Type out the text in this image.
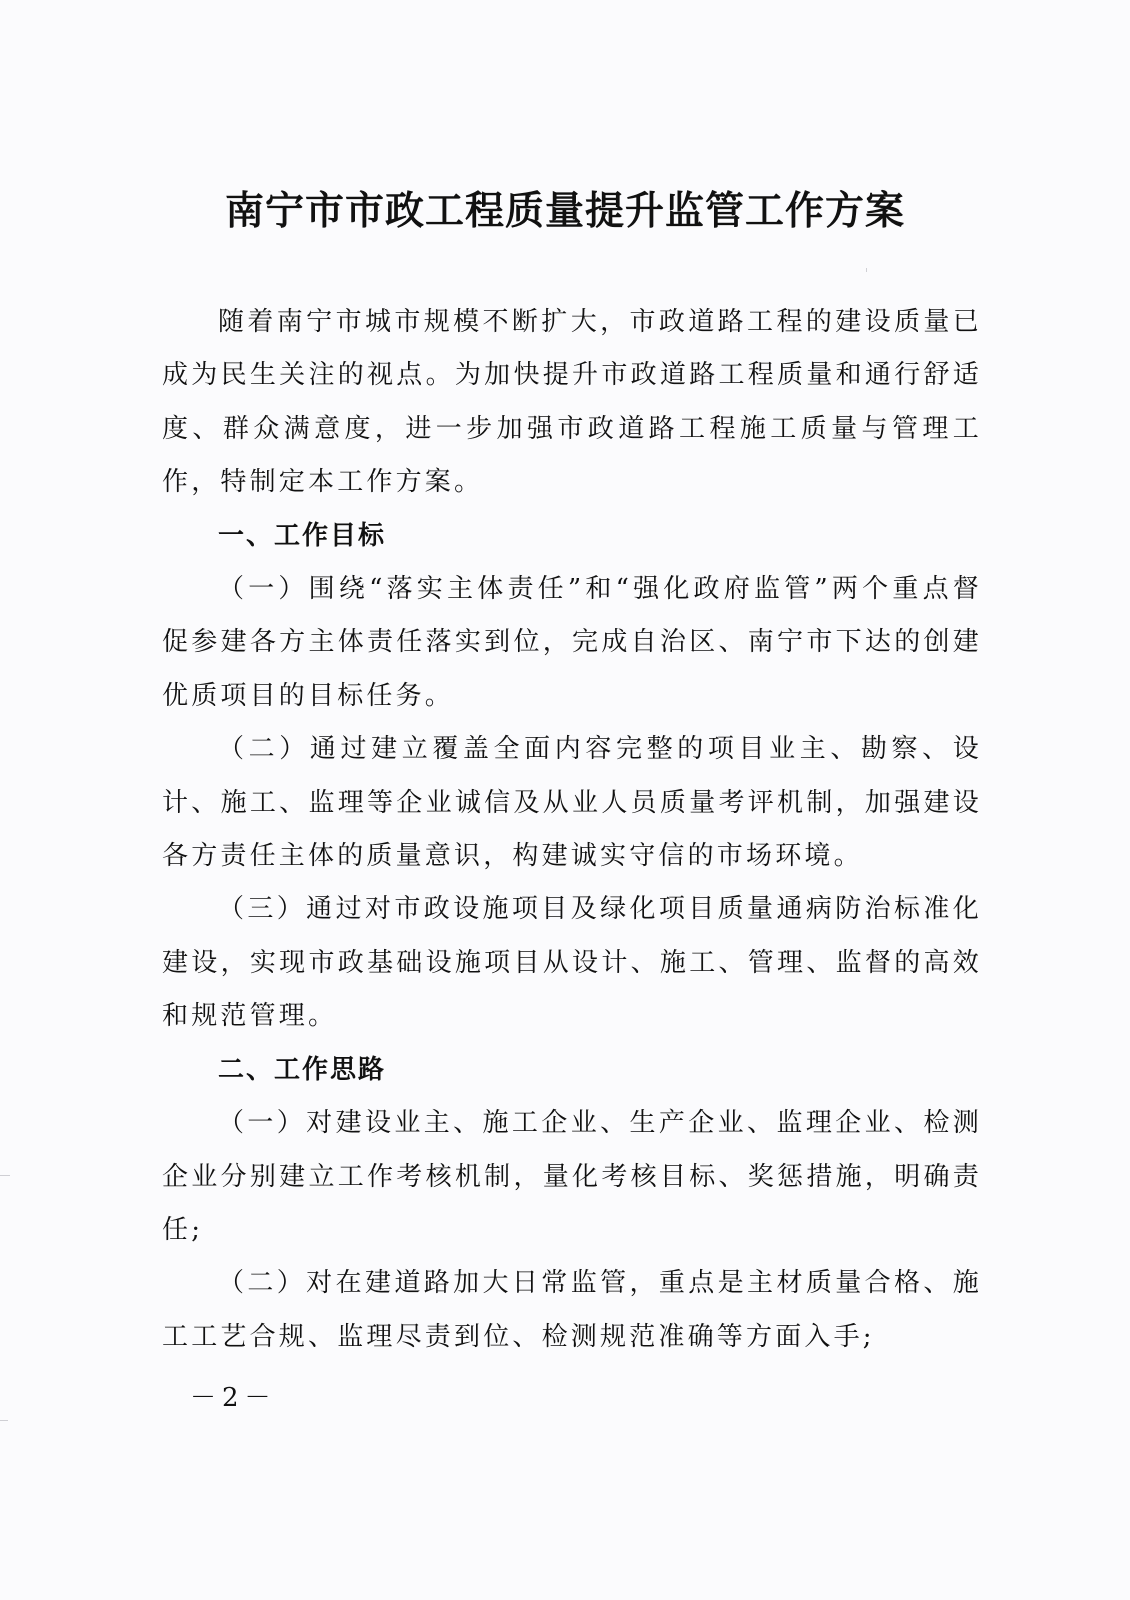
南宁市市政工程质量提升监管工作方案

随着南宁市城市规模不断扩大，市政道路工程的建设质量已成为民生关注的视点。为加快提升市政道路工程质量和通行舒适度、群众满意度，进一步加强市政道路工程施工质量与管理工作，特制定本工作方案。

一、工作目标

（一）围绕“落实主体责任”和“强化政府监管”两个重点督促参建各方主体责任落实到位，完成自治区、南宁市下达的创建优质项目的目标任务。

（二）通过建立覆盖全面内容完整的项目业主、勘察、设计、施工、监理等企业诚信及从业人员质量考评机制，加强建设各方责任主体的质量意识，构建诚实守信的市场环境。

（三）通过对市政设施项目及绿化项目质量通病防治标准化建设，实现市政基础设施项目从设计、施工、管理、监督的高效和规范管理。

二、工作思路

（一）对建设业主、施工企业、生产企业、监理企业、检测企业分别建立工作考核机制，量化考核目标、奖惩措施，明确责任;

（二）对在建道路加大日常监管，重点是主材质量合格、施工工艺合规、监理尽责到位、检测规范准确等方面入手;

－2－
